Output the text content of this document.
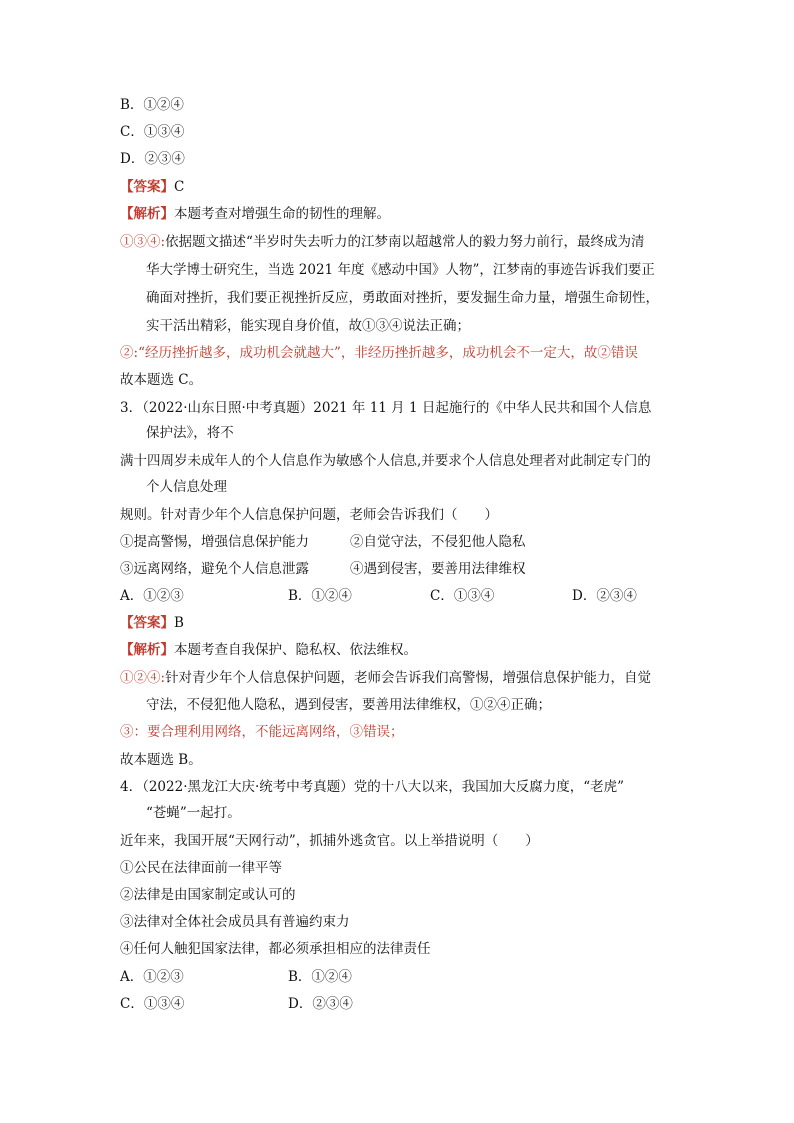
B．①②④
C．①③④
D．②③④
【答案】C
【解析】本题考查对增强生命的韧性的理解。
①③④:依据题文描述“半岁时失去听力的江梦南以超越常人的毅力努力前行，最终成为清
华大学博士研究生，当选 2021 年度《感动中国》人物”，江梦南的事迹告诉我们要正
确面对挫折，我们要正视挫折反应，勇敢面对挫折，要发掘生命力量，增强生命韧性，
实干活出精彩，能实现自身价值，故①③④说法正确；
②:“经历挫折越多，成功机会就越大”，非经历挫折越多，成功机会不一定大，故②错误
故本题选 C。
3．（2022·山东日照·中考真题）2021 年 11 月 1 日起施行的《中华人民共和国个人信息
保护法》，将不
满十四周岁未成年人的个人信息作为敏感个人信息,并要求个人信息处理者对此制定专门的
个人信息处理
规则。针对青少年个人信息保护问题，老师会告诉我们（　　）
①提高警惕，增强信息保护能力	②自觉守法，不侵犯他人隐私
③远离网络，避免个人信息泄露	④遇到侵害，要善用法律维权
A．①②③	B．①②④	C．①③④	D．②③④
【答案】B
【解析】本题考查自我保护、隐私权、依法维权。
①②④:针对青少年个人信息保护问题，老师会告诉我们高警惕，增强信息保护能力，自觉
守法，不侵犯他人隐私，遇到侵害，要善用法律维权，①②④正确；
③：要合理利用网络，不能远离网络，③错误；
故本题选 B。
4．（2022·黑龙江大庆·统考中考真题）党的十八大以来，我国加大反腐力度，“老虎”
“苍蝇”一起打。
近年来，我国开展“天网行动”，抓捕外逃贪官。以上举措说明（　　）
①公民在法律面前一律平等
②法律是由国家制定或认可的
③法律对全体社会成员具有普遍约束力
④任何人触犯国家法律，都必须承担相应的法律责任
A．①②③	B．①②④
C．①③④	D．②③④
